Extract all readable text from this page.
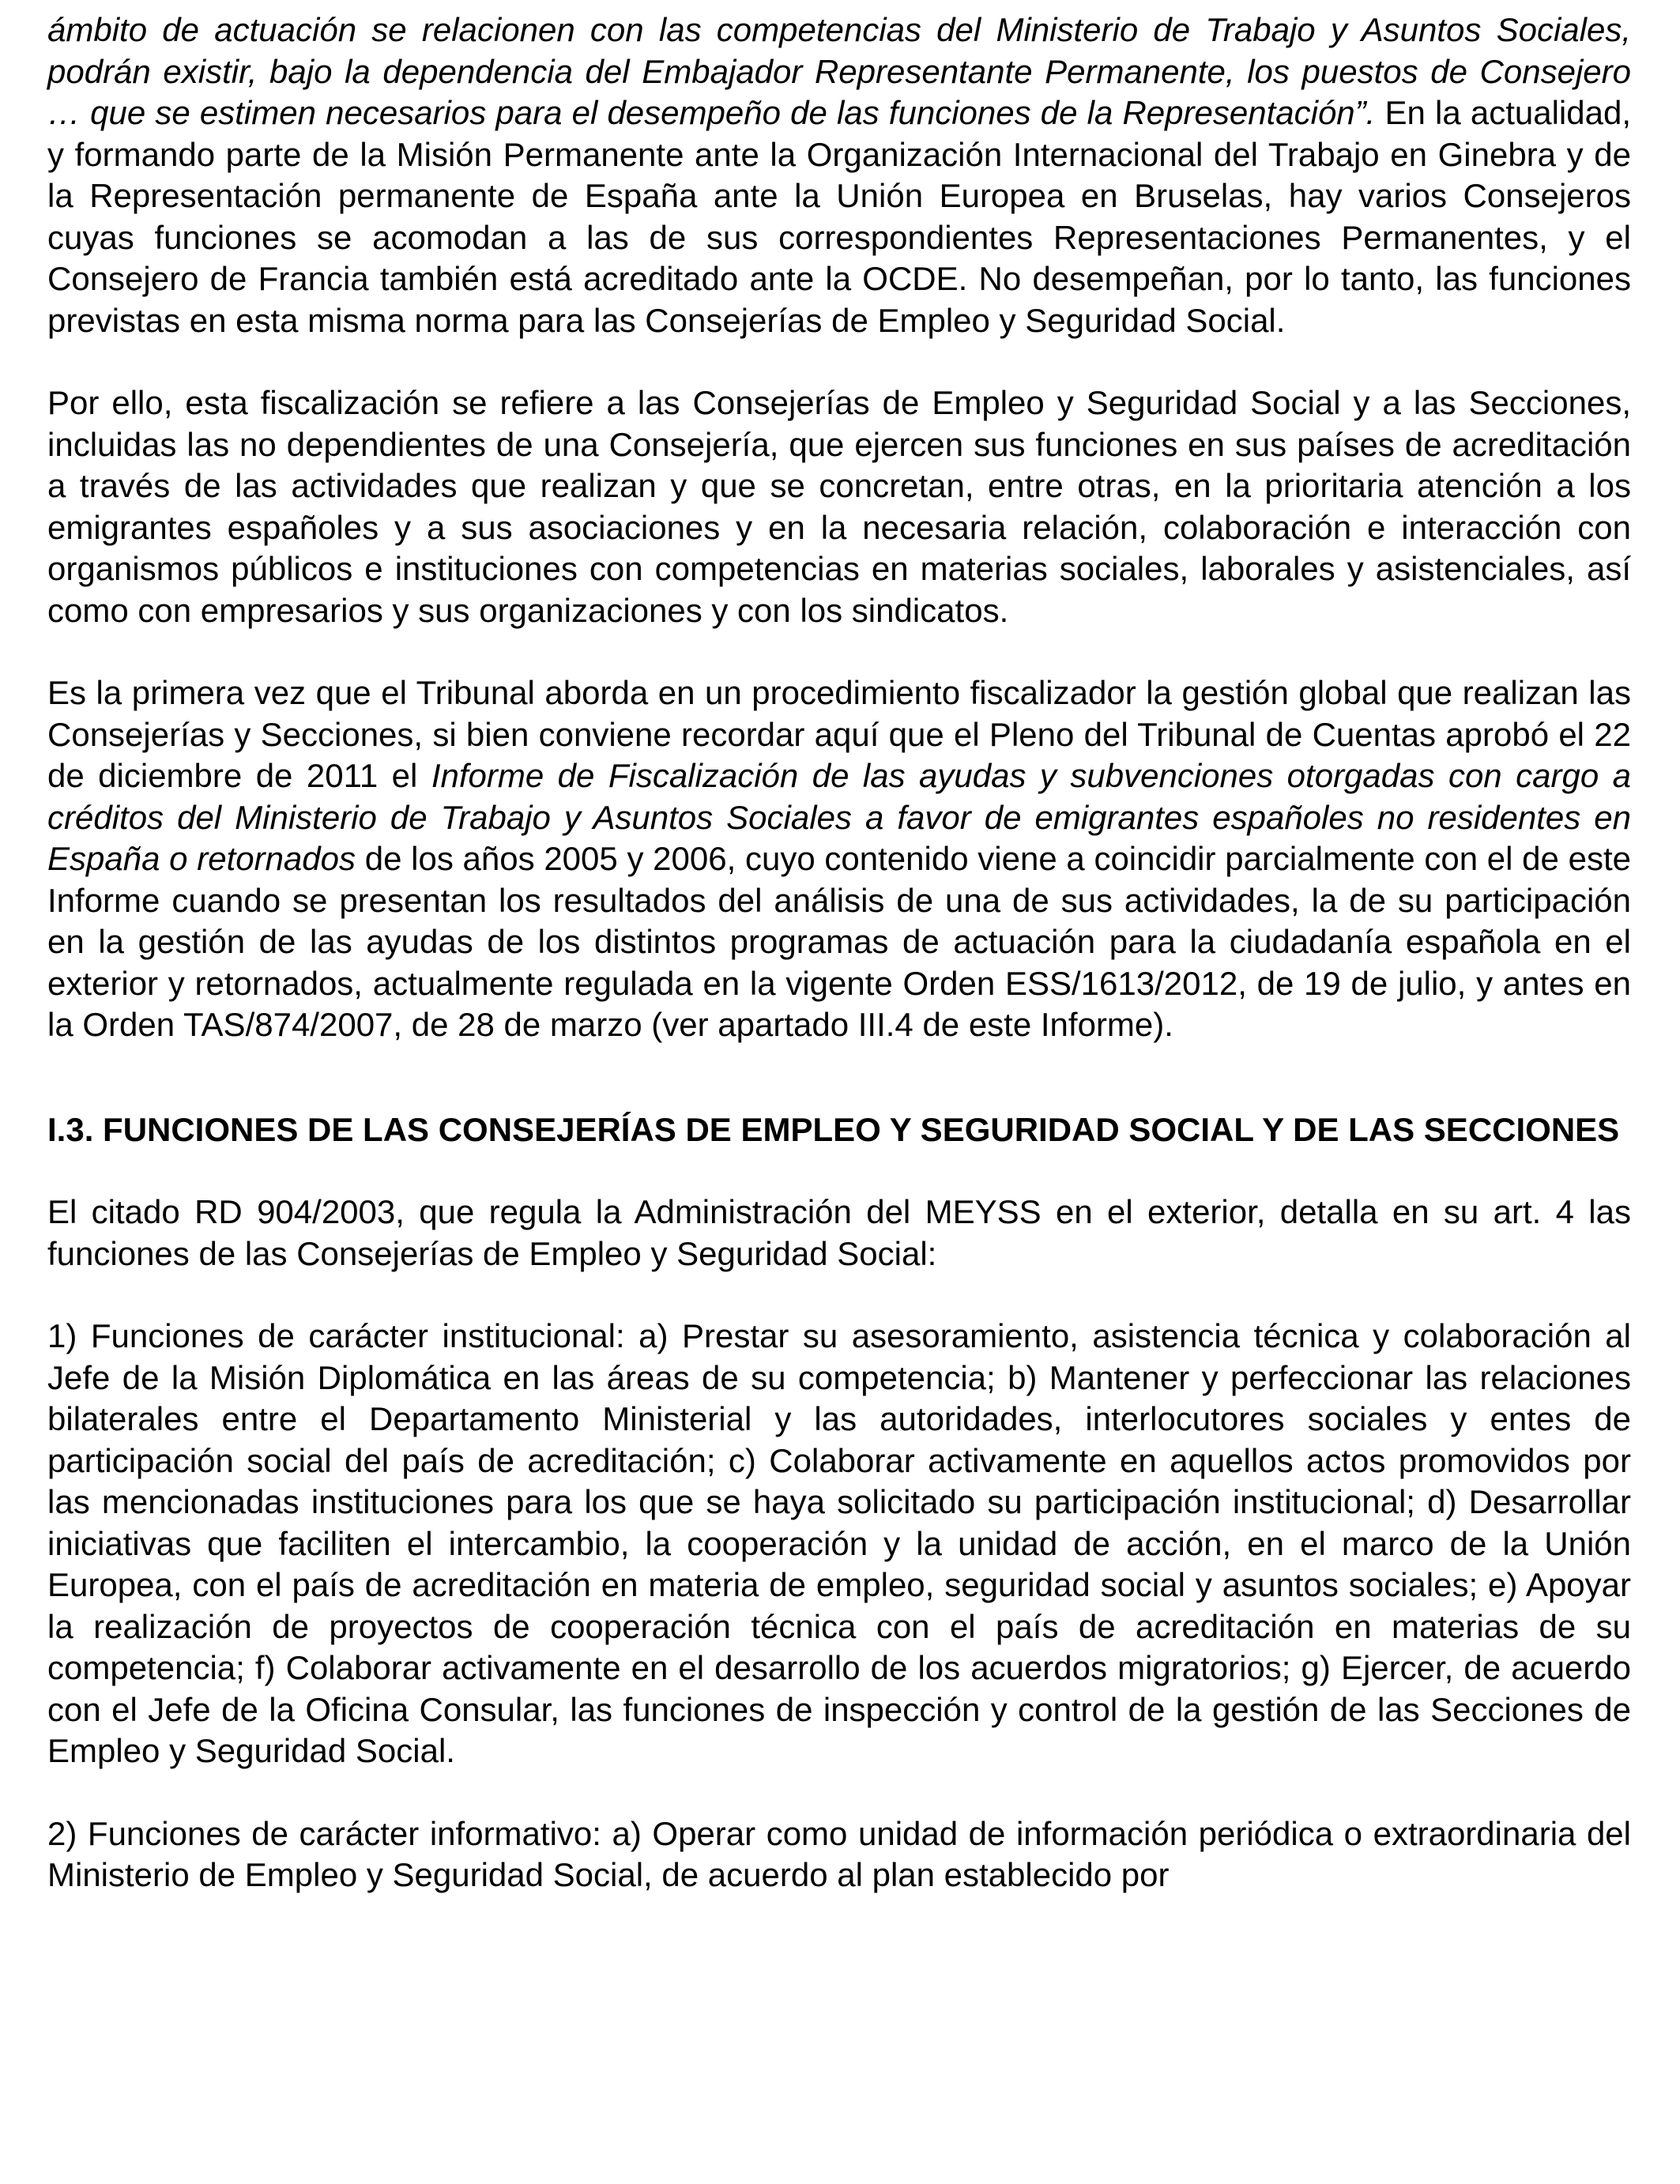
ámbito de actuación se relacionen con las competencias del Ministerio de Trabajo y Asuntos Sociales, podrán existir, bajo la dependencia del Embajador Representante Permanente, los puestos de Consejero … que se estimen necesarios para el desempeño de las funciones de la Representación”. En la actualidad, y formando parte de la Misión Permanente ante la Organización Internacional del Trabajo en Ginebra y de la Representación permanente de España ante la Unión Europea en Bruselas, hay varios Consejeros cuyas funciones se acomodan a las de sus correspondientes Representaciones Permanentes, y el Consejero de Francia también está acreditado ante la OCDE. No desempeñan, por lo tanto, las funciones previstas en esta misma norma para las Consejerías de Empleo y Seguridad Social.

Por ello, esta fiscalización se refiere a las Consejerías de Empleo y Seguridad Social y a las Secciones, incluidas las no dependientes de una Consejería, que ejercen sus funciones en sus países de acreditación a través de las actividades que realizan y que se concretan, entre otras, en la prioritaria atención a los emigrantes españoles y a sus asociaciones y en la necesaria relación, colaboración e interacción con organismos públicos e instituciones con competencias en materias sociales, laborales y asistenciales, así como con empresarios y sus organizaciones y con los sindicatos.

Es la primera vez que el Tribunal aborda en un procedimiento fiscalizador la gestión global que realizan las Consejerías y Secciones, si bien conviene recordar aquí que el Pleno del Tribunal de Cuentas aprobó el 22 de diciembre de 2011 el Informe de Fiscalización de las ayudas y subvenciones otorgadas con cargo a créditos del Ministerio de Trabajo y Asuntos Sociales a favor de emigrantes españoles no residentes en España o retornados de los años 2005 y 2006, cuyo contenido viene a coincidir parcialmente con el de este Informe cuando se presentan los resultados del análisis de una de sus actividades, la de su participación en la gestión de las ayudas de los distintos programas de actuación para la ciudadanía española en el exterior y retornados, actualmente regulada en la vigente Orden ESS/1613/2012, de 19 de julio, y antes en la Orden TAS/874/2007, de 28 de marzo (ver apartado III.4 de este Informe).

I.3. FUNCIONES DE LAS CONSEJERÍAS DE EMPLEO Y SEGURIDAD SOCIAL Y DE LAS SECCIONES

El citado RD 904/2003, que regula la Administración del MEYSS en el exterior, detalla en su art. 4 las funciones de las Consejerías de Empleo y Seguridad Social:

1) Funciones de carácter institucional: a) Prestar su asesoramiento, asistencia técnica y colaboración al Jefe de la Misión Diplomática en las áreas de su competencia; b) Mantener y perfeccionar las relaciones bilaterales entre el Departamento Ministerial y las autoridades, interlocutores sociales y entes de participación social del país de acreditación; c) Colaborar activamente en aquellos actos promovidos por las mencionadas instituciones para los que se haya solicitado su participación institucional; d) Desarrollar iniciativas que faciliten el intercambio, la cooperación y la unidad de acción, en el marco de la Unión Europea, con el país de acreditación en materia de empleo, seguridad social y asuntos sociales; e) Apoyar la realización de proyectos de cooperación técnica con el país de acreditación en materias de su competencia; f) Colaborar activamente en el desarrollo de los acuerdos migratorios; g) Ejercer, de acuerdo con el Jefe de la Oficina Consular, las funciones de inspección y control de la gestión de las Secciones de Empleo y Seguridad Social.

2) Funciones de carácter informativo: a) Operar como unidad de información periódica o extraordinaria del Ministerio de Empleo y Seguridad Social, de acuerdo al plan establecido por
